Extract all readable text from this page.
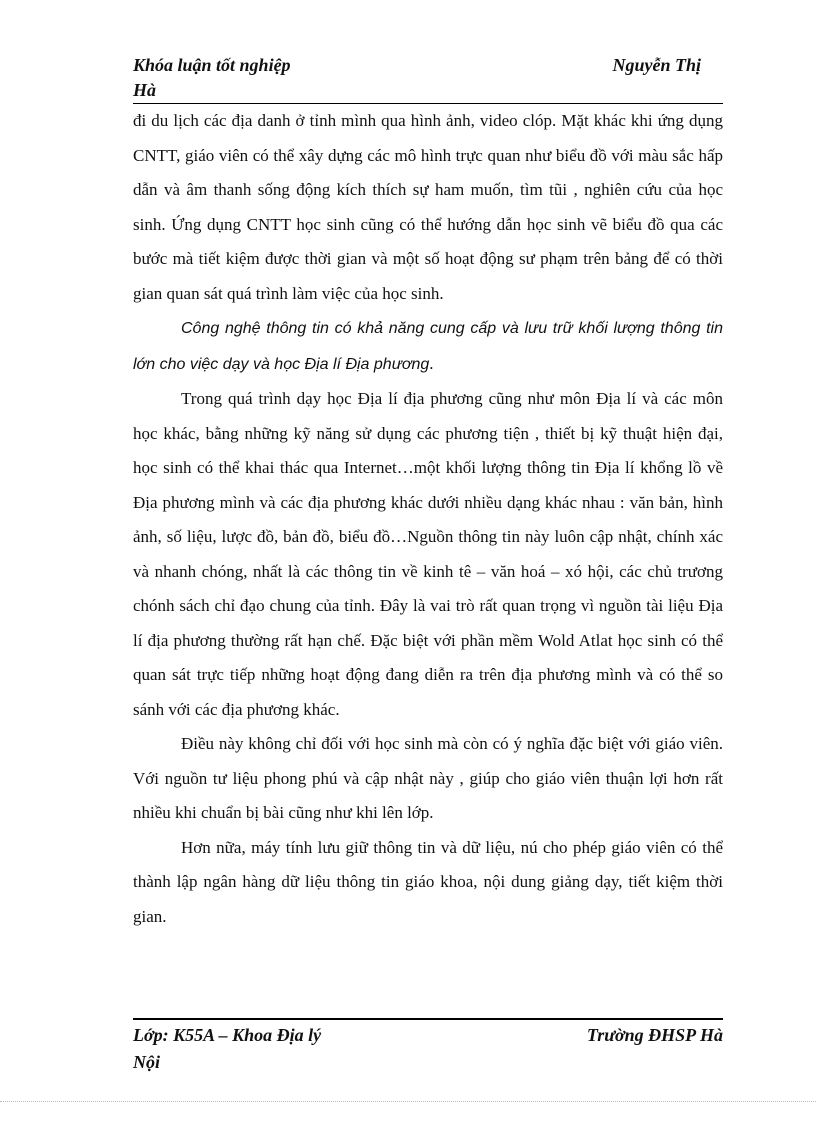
Khóa luận tốt nghiệp	Nguyễn Thị
Hà

đi du lịch các địa danh ở tỉnh mình qua hình ảnh, video clóp. Mặt khác khi ứng dụng CNTT, giáo viên có thể xây dựng các mô hình trực quan như biểu đồ với màu sắc hấp dẫn và âm thanh sống động kích thích sự ham muốn, tìm tũi , nghiên cứu của học sinh. Ứng dụng CNTT học sinh cũng có thể hướng dẫn học sinh vẽ biểu đồ qua các bước mà tiết kiệm được thời gian và một số hoạt động sư phạm trên bảng để có thời gian quan sát quá trình làm việc của học sinh.

Công nghệ thông tin có khả năng cung cấp và lưu trữ khối lượng thông tin lớn cho việc dạy và học Địa lí Địa phương.

Trong quá trình dạy học Địa lí địa phương cũng như môn Địa lí và các môn học khác, bằng những kỹ năng sử dụng các phương tiện , thiết bị kỹ thuật hiện đại, học sinh có thể khai thác qua Internet…một khối lượng thông tin Địa lí khổng lồ về Địa phương mình và các địa phương khác dưới nhiều dạng khác nhau : văn bản, hình ảnh, số liệu, lược đồ, bản đồ, biểu đồ…Nguồn thông tin này luôn cập nhật, chính xác và nhanh chóng, nhất là các thông tin về kinh tê – văn hoá – xó hội, các chủ trương chónh sách chỉ đạo chung của tỉnh. Đây là vai trò rất quan trọng vì nguồn tài liệu Địa lí địa phương thường rất hạn chế. Đặc biệt với phần mềm Wold Atlat học sinh có thể quan sát trực tiếp những hoạt động đang diễn ra trên địa phương mình và có thể so sánh với các địa phương khác.

Điều này không chỉ đối với học sinh mà còn có ý nghĩa đặc biệt với giáo viên. Với nguồn tư liệu phong phú và cập nhật này , giúp cho giáo viên thuận lợi hơn rất nhiều khi chuẩn bị bài cũng như khi lên lớp.

Hơn nữa, máy tính lưu giữ thông tin và dữ liệu, nú cho phép giáo viên có thể thành lập ngân hàng dữ liệu thông tin giáo khoa, nội dung giảng dạy, tiết kiệm thời gian.

Lớp: K55A – Khoa Địa lý	Trường ĐHSP Hà
Nội
